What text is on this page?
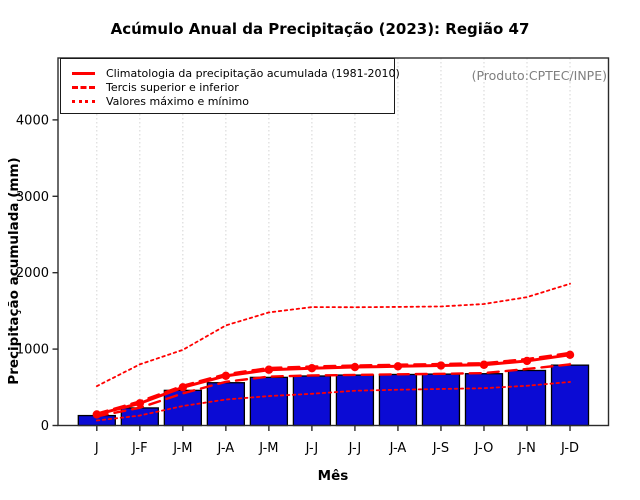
0
1000
2000
3000
4000
J	J-F J-M J-A J-M J-J J-J J-A J-S J-O J-N J-D
Acúmulo Anual da Precipitação (2023): Região 47
Precipitação acumulada (mm)
Mês
Climatologia da precipitação acumulada (1981-2010)
Tercis superior e inferior
Valores máximo e mínimo
(Produto:CPTEC/INPE)
